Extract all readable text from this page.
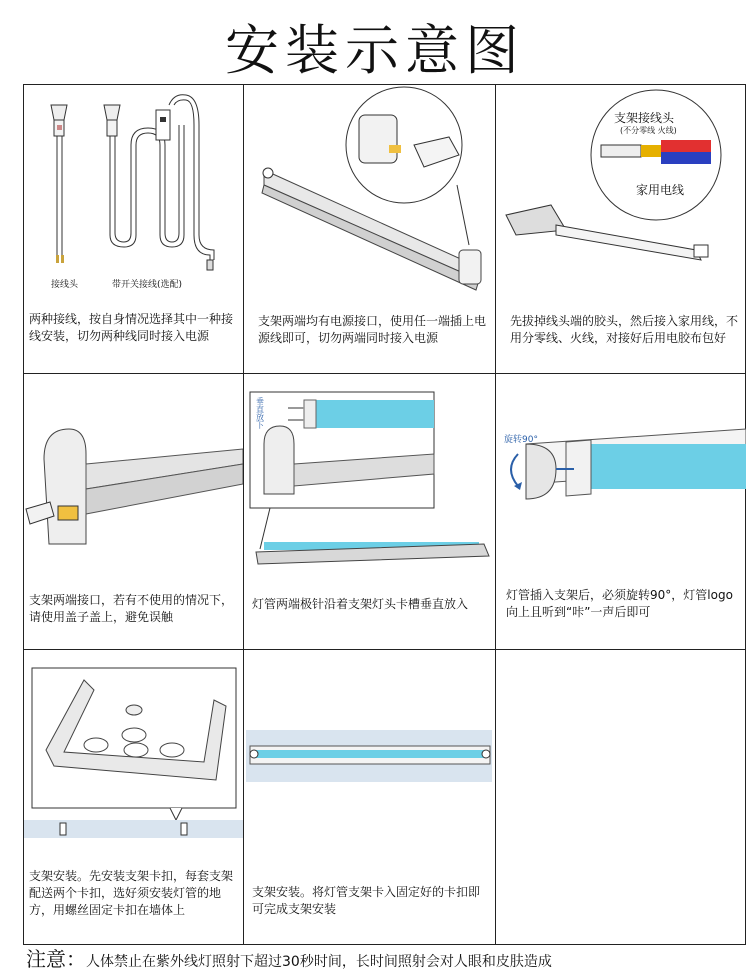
安装示意图
接线头	带开关接线(选配)
两种接线，按自身情况选择其中一种接线安装，切勿两种线同时接入电源
支架两端均有电源接口，使用任一端插上电源线即可，切勿两端同时接入电源
支架接线头
(不分零线 火线)
家用电线
先拔掉线头端的胶头，然后接入家用线，不用分零线、火线，对接好后用电胶布包好
支架两端接口，若有不使用的情况下，请使用盖子盖上，避免误触
垂直放下
灯管两端极针沿着支架灯头卡槽垂直放入
旋转90°
灯管插入支架后，必须旋转90°，灯管logo向上且听到“咔”一声后即可
支架安装。先安装支架卡扣，每套支架配送两个卡扣，选好须安装灯管的地方，用螺丝固定卡扣在墙体上
支架安装。将灯管支架卡入固定好的卡扣即可完成支架安装
注意：人体禁止在紫外线灯照射下超过30秒时间，长时间照射会对人眼和皮肤造成
